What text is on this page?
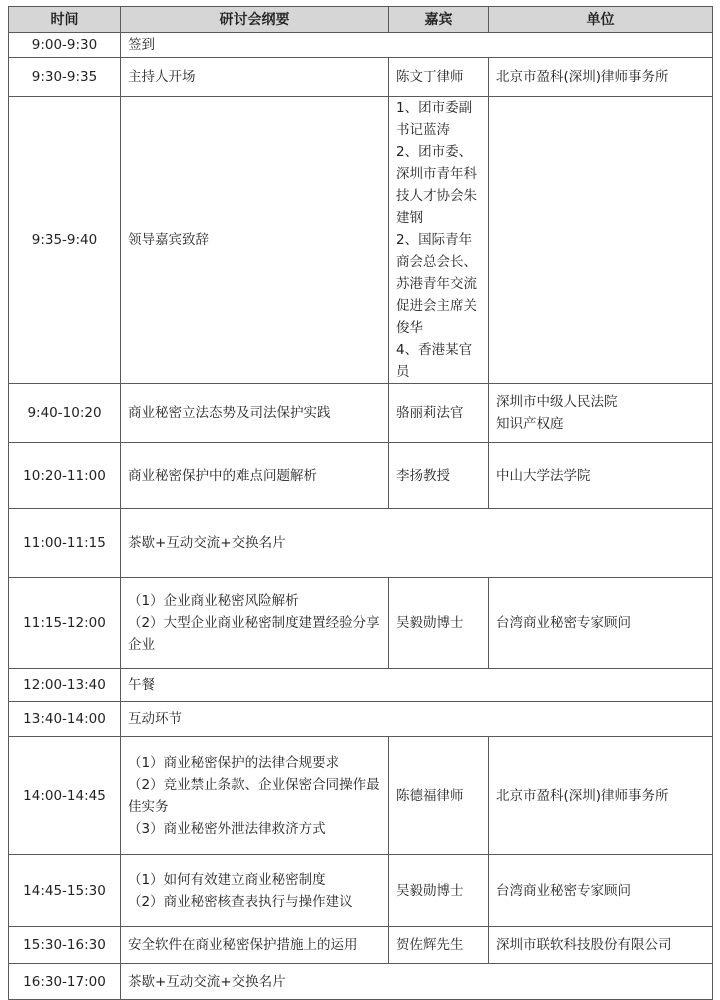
时间	研讨会纲要	嘉宾	单位
9:00-9:30	签到		

9:30-9:35	主持人开场	陈文丁律师	北京市盈科(深圳)律师事务所

9:35-9:40	领导嘉宾致辞	1、团市委副书记蓝涛
2、团市委、深圳市青年科技人才协会朱建钢
2、国际青年商会总会长、苏港青年交流促进会主席关俊华
4、香港某官员	

9:40-10:20	商业秘密立法态势及司法保护实践	骆丽莉法官	深圳市中级人民法院
知识产权庭

10:20-11:00	商业秘密保护中的难点问题解析	李扬教授	中山大学法学院

11:00-11:15	茶歇+互动交流+交换名片		

11:15-12:00	（1）企业商业秘密风险解析
（2）大型企业商业秘密制度建置经验分享企业	吴毅勋博士	台湾商业秘密专家顾问

12:00-13:40	午餐		

13:40-14:00	互动环节		

14:00-14:45	（1）商业秘密保护的法律合规要求
（2）竞业禁止条款、企业保密合同操作最佳实务
（3）商业秘密外泄法律救济方式	陈德福律师	北京市盈科(深圳)律师事务所

14:45-15:30	（1）如何有效建立商业秘密制度
（2）商业秘密核查表执行与操作建议	吴毅勋博士	台湾商业秘密专家顾问

15:30-16:30	安全软件在商业秘密保护措施上的运用	贺佐辉先生	深圳市联软科技股份有限公司

16:30-17:00	茶歇+互动交流+交换名片		
